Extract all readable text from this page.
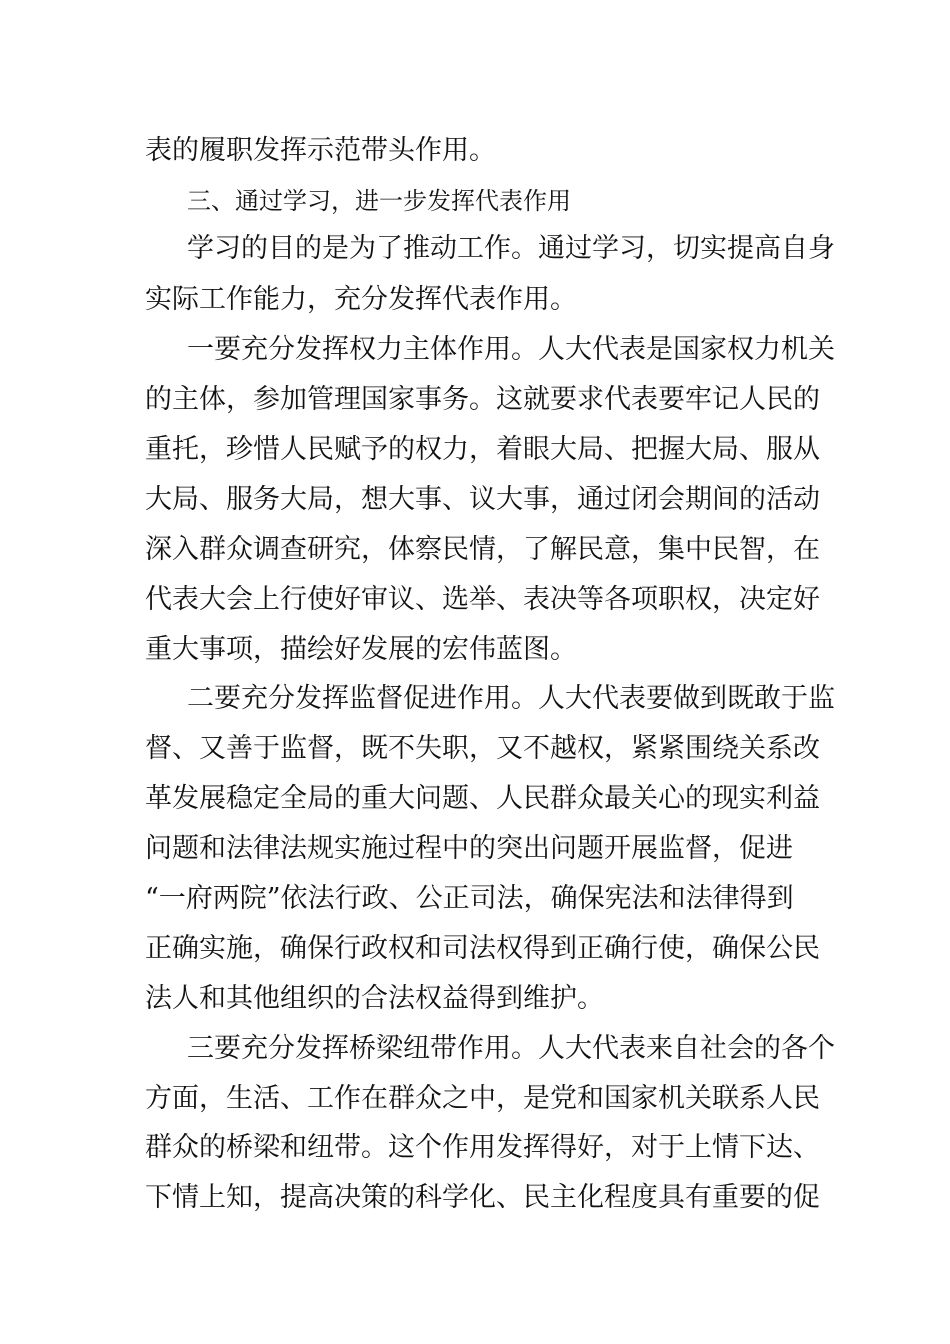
表的履职发挥示范带头作用。
三、通过学习，进一步发挥代表作用
学习的目的是为了推动工作。通过学习，切实提高自身
实际工作能力，充分发挥代表作用。
一要充分发挥权力主体作用。人大代表是国家权力机关
的主体，参加管理国家事务。这就要求代表要牢记人民的
重托，珍惜人民赋予的权力，着眼大局、把握大局、服从
大局、服务大局，想大事、议大事，通过闭会期间的活动
深入群众调查研究，体察民情，了解民意，集中民智，在
代表大会上行使好审议、选举、表决等各项职权，决定好
重大事项，描绘好发展的宏伟蓝图。
二要充分发挥监督促进作用。人大代表要做到既敢于监
督、又善于监督，既不失职，又不越权，紧紧围绕关系改
革发展稳定全局的重大问题、人民群众最关心的现实利益
问题和法律法规实施过程中的突出问题开展监督，促进
“一府两院”依法行政、公正司法，确保宪法和法律得到
正确实施，确保行政权和司法权得到正确行使，确保公民
法人和其他组织的合法权益得到维护。
三要充分发挥桥梁纽带作用。人大代表来自社会的各个
方面，生活、工作在群众之中，是党和国家机关联系人民
群众的桥梁和纽带。这个作用发挥得好，对于上情下达、
下情上知，提高决策的科学化、民主化程度具有重要的促
